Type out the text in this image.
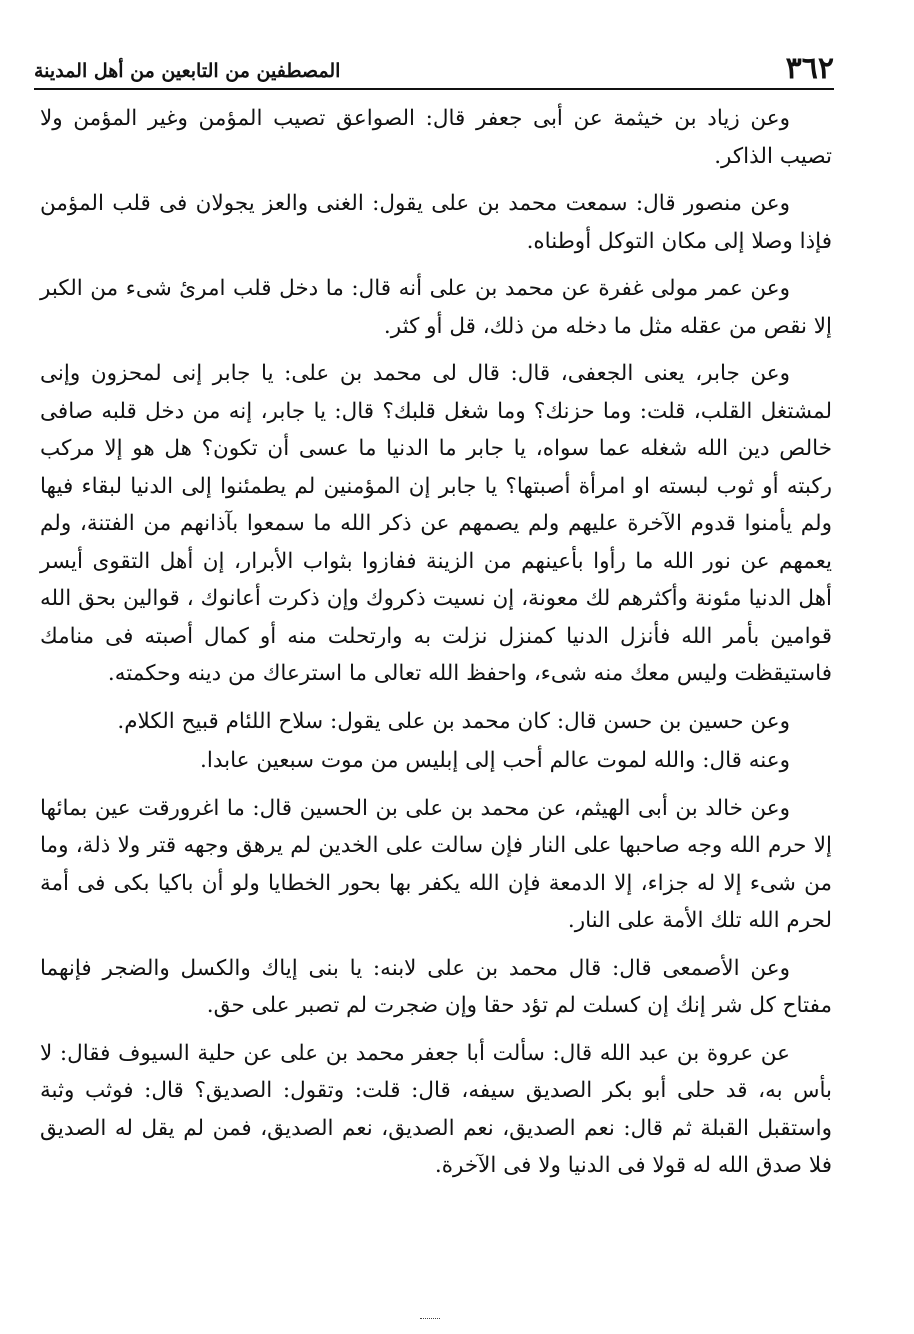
٣٦٢
المصطفين من التابعين من أهل المدينة

وعن زياد بن خيثمة عن أبى جعفر قال: الصواعق تصيب المؤمن وغير المؤمن ولا تصيب الذاكر.

وعن منصور قال: سمعت محمد بن على يقول: الغنى والعز يجولان فى قلب المؤمن فإذا وصلا إلى مكان التوكل أوطناه.

وعن عمر مولى غفرة عن محمد بن على أنه قال: ما دخل قلب امرئ شىء من الكبر إلا نقص من عقله مثل ما دخله من ذلك، قل أو كثر.

وعن جابر، يعنى الجعفى، قال: قال لى محمد بن على: يا جابر إنى لمحزون وإنى لمشتغل القلب، قلت: وما حزنك؟ وما شغل قلبك؟ قال: يا جابر، إنه من دخل قلبه صافى خالص دين الله شغله عما سواه، يا جابر ما الدنيا ما عسى أن تكون؟ هل هو إلا مركب ركبته أو ثوب لبسته او امرأة أصبتها؟ يا جابر إن المؤمنين لم يطمئنوا إلى الدنيا لبقاء فيها ولم يأمنوا قدوم الآخرة عليهم ولم يصمهم عن ذكر الله ما سمعوا بآذانهم من الفتنة، ولم يعمهم عن نور الله ما رأوا بأعينهم من الزينة ففازوا بثواب الأبرار، إن أهل التقوى أيسر أهل الدنيا مئونة وأكثرهم لك معونة، إن نسيت ذكروك وإن ذكرت أعانوك ، قوالين بحق الله قوامين بأمر الله فأنزل الدنيا كمنزل نزلت به وارتحلت منه أو كمال أصبته فى منامك فاستيقظت وليس معك منه شىء، واحفظ الله تعالى ما استرعاك من دينه وحكمته.

وعن حسين بن حسن قال: كان محمد بن على يقول: سلاح اللئام قبيح الكلام.

وعنه قال: والله لموت عالم أحب إلى إبليس من موت سبعين عابدا.

وعن خالد بن أبى الهيثم، عن محمد بن على بن الحسين قال: ما اغرورقت عين بمائها إلا حرم الله وجه صاحبها على النار فإن سالت على الخدين لم يرهق وجهه قتر ولا ذلة، وما من شىء إلا له جزاء، إلا الدمعة فإن الله يكفر بها بحور الخطايا ولو أن باكيا بكى فى أمة لحرم الله تلك الأمة على النار.

وعن الأصمعى قال: قال محمد بن على لابنه: يا بنى إياك والكسل والضجر فإنهما مفتاح كل شر إنك إن كسلت لم تؤد حقا وإن ضجرت لم تصبر على حق.

عن عروة بن عبد الله قال: سألت أبا جعفر محمد بن على عن حلية السيوف فقال: لا بأس به، قد حلى أبو بكر الصديق سيفه، قال: قلت: وتقول: الصديق؟ قال: فوثب وثبة واستقبل القبلة ثم قال: نعم الصديق، نعم الصديق، نعم الصديق، فمن لم يقل له الصديق فلا صدق الله له قولا فى الدنيا ولا فى الآخرة.
